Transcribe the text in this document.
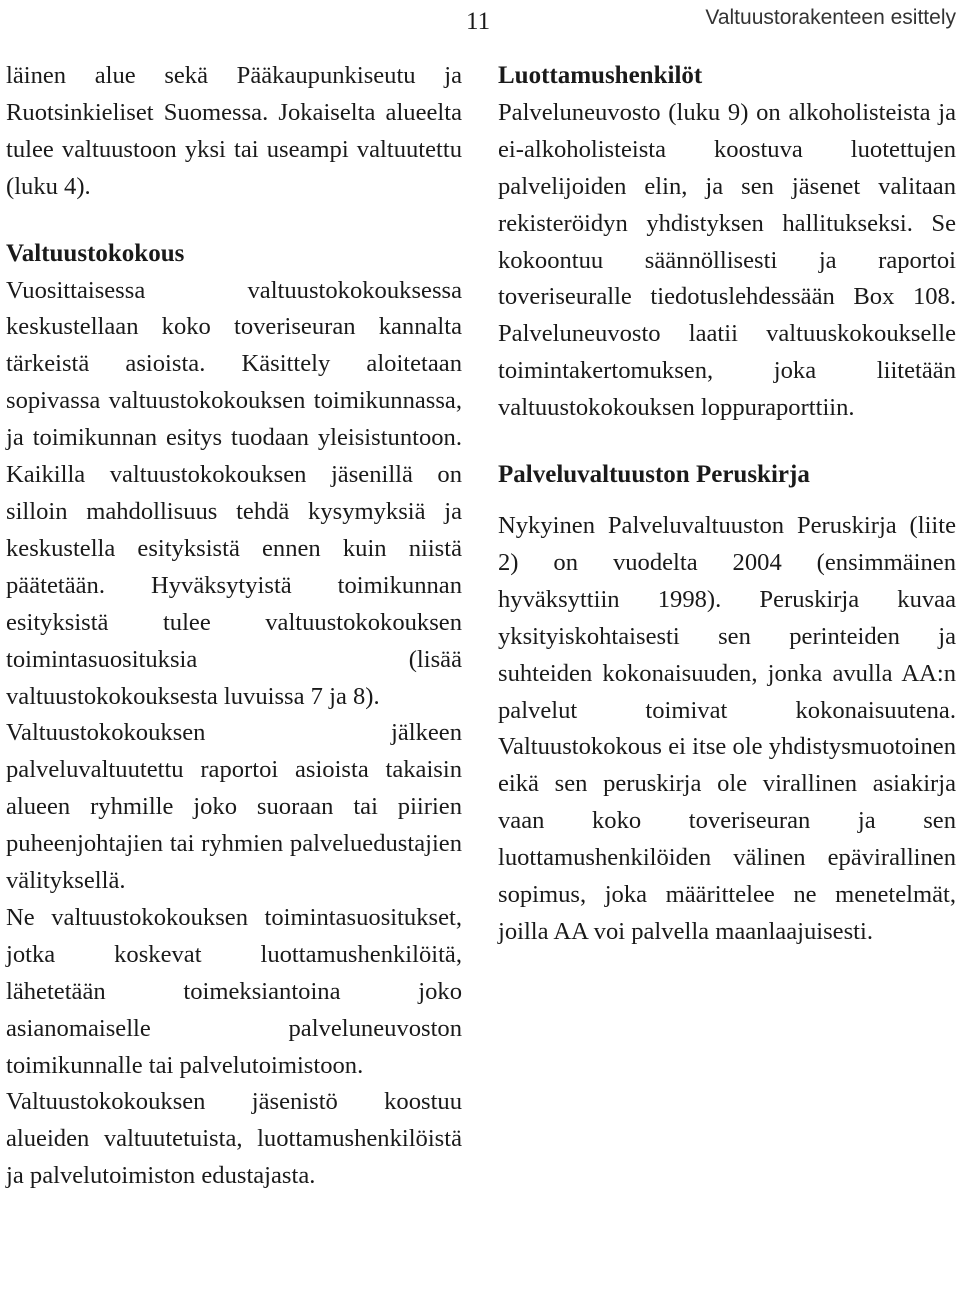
11	Valtuustorakenteen esittely

läinen alue sekä Pääkaupunkiseutu ja Ruotsinkieliset Suomessa. Jokaiselta alueelta tulee valtuustoon yksi tai useampi valtuutettu (luku 4).

Valtuustokokous

Vuosittaisessa valtuustokokouksessa keskustellaan koko toveriseuran kannalta tärkeistä asioista. Käsittely aloitetaan sopivassa valtuustokokouksen toimikunnassa, ja toimikunnan esitys tuodaan yleisistuntoon. Kaikilla valtuustokokouksen jäsenillä on silloin mahdollisuus tehdä kysymyksiä ja keskustella esityksistä ennen kuin niistä päätetään. Hyväksytyistä toimikunnan esityksistä tulee valtuustokokouksen toimintasuosituksia (lisää valtuustokokouksesta luvuissa 7 ja 8).

Valtuustokokouksen jälkeen palveluvaltuutettu raportoi asioista takaisin alueen ryhmille joko suoraan tai piirien puheenjohtajien tai ryhmien palveluedustajien välityksellä.

Ne valtuustokokouksen toimintasuositukset, jotka koskevat luottamushenkilöitä, lähetetään toimeksiantoina joko asianomaiselle palveluneuvoston toimikunnalle tai palvelutoimistoon.

Valtuustokokouksen jäsenistö koostuu alueiden valtuutetuista, luottamushenkilöistä ja palvelutoimiston edustajasta.

Luottamushenkilöt

Palveluneuvosto (luku 9) on alkoholisteista ja ei-alkoholisteista koostuva luotettujen palvelijoiden elin, ja sen jäsenet valitaan rekisteröidyn yhdistyksen hallitukseksi. Se kokoontuu säännöllisesti ja raportoi toveriseuralle tiedotuslehdessään Box 108. Palveluneuvosto laatii valtuuskokoukselle toimintakertomuksen, joka liitetään valtuustokokouksen loppuraporttiin.

Palveluvaltuuston Peruskirja

Nykyinen Palveluvaltuuston Peruskirja (liite 2) on vuodelta 2004 (ensimmäinen hyväksyttiin 1998). Peruskirja kuvaa yksityiskohtaisesti sen perinteiden ja suhteiden kokonaisuuden, jonka avulla AA:n palvelut toimivat kokonaisuutena. Valtuustokokous ei itse ole yhdistysmuotoinen eikä sen peruskirja ole virallinen asiakirja vaan koko toveriseuran ja sen luottamushenkilöiden välinen epävirallinen sopimus, joka määrittelee ne menetelmät, joilla AA voi palvella maanlaajuisesti.
